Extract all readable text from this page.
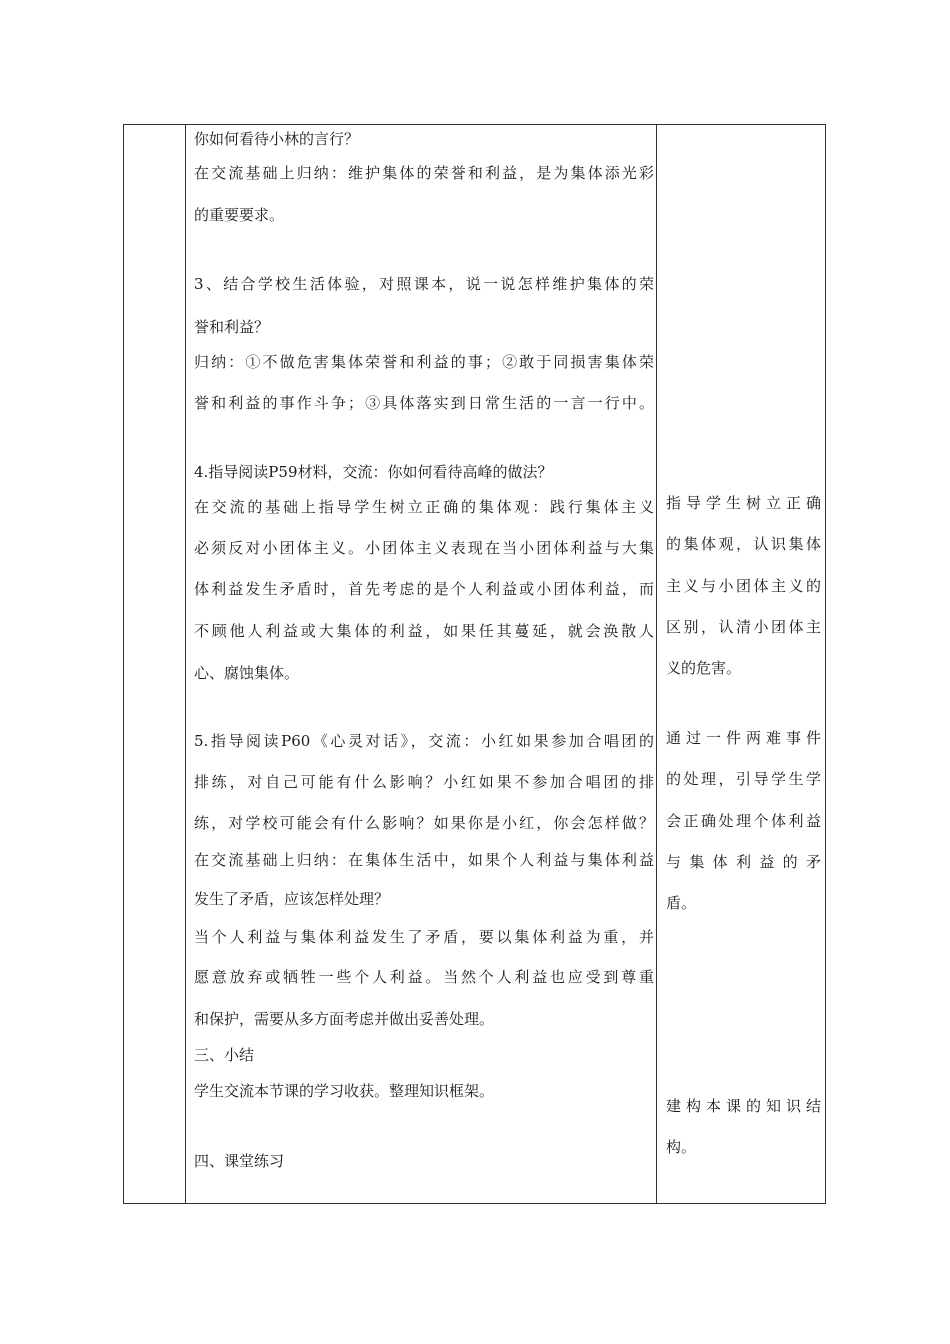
你如何看待小林的言行？
在交流基础上归纳：维护集体的荣誉和利益，是为集体添光彩
的重要要求。
3、结合学校生活体验，对照课本，说一说怎样维护集体的荣
誉和利益？
归纳：①不做危害集体荣誉和利益的事；②敢于同损害集体荣
誉和利益的事作斗争；③具体落实到日常生活的一言一行中。
4.指导阅读P59材料，交流：你如何看待高峰的做法？
在交流的基础上指导学生树立正确的集体观：践行集体主义
必须反对小团体主义。小团体主义表现在当小团体利益与大集
体利益发生矛盾时，首先考虑的是个人利益或小团体利益，而
不顾他人利益或大集体的利益，如果任其蔓延，就会涣散人
心、腐蚀集体。
5.指导阅读P60《心灵对话》，交流：小红如果参加合唱团的
排练，对自己可能有什么影响？小红如果不参加合唱团的排
练，对学校可能会有什么影响？如果你是小红，你会怎样做？
在交流基础上归纳：在集体生活中，如果个人利益与集体利益
发生了矛盾，应该怎样处理？
当个人利益与集体利益发生了矛盾，要以集体利益为重，并
愿意放弃或牺牲一些个人利益。当然个人利益也应受到尊重
和保护，需要从多方面考虑并做出妥善处理。
三、小结
学生交流本节课的学习收获。整理知识框架。
四、课堂练习
指导学生树立正确
的集体观，认识集体
主义与小团体主义的
区别，认清小团体主
义的危害。
通过一件两难事件
的处理，引导学生学
会正确处理个体利益
与集体利益的矛
盾。
建构本课的知识结
构。
